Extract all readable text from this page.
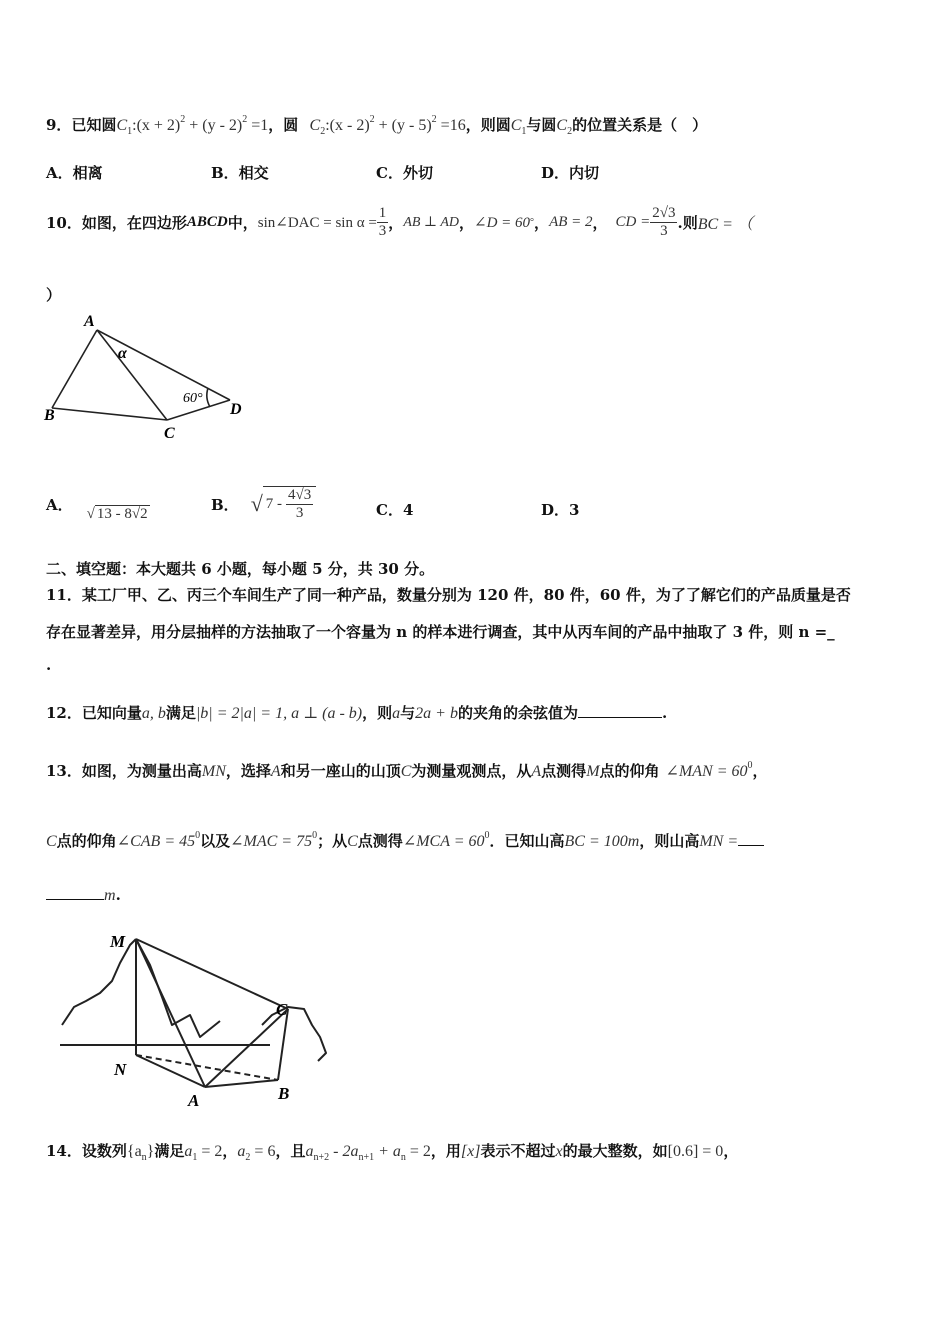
9．已知圆$C_1:(x + 2)^2 + (y - 2)^2 =1$，圆 $C_2:(x - 2)^2 + (y - 5)^2 =16$，则圆$C_1$与圆$C_2$的位置关系是（　）
A．相离	B．相交	C．外切	D．内切
10． 如图，在四边形 ABCD 中， sin∠DAC = $\sin \alpha = \frac{1}{3}$ ， AB ⊥ AD ， ∠D = 60 ° ， AB = 2 ， CD = $\frac{2√3}{3}$ .则 BC = （
）
A
B
C
D
α
60°
A． √ 13 - 8√2	B． √ $7 - \frac{4√3}{3}$	C．4	D．3
二、填空题：本大题共 6 小题，每小题 5 分，共 30 分。
11．某工厂甲、乙、丙三个车间生产了同一种产品，数量分别为 120 件，80 件，60 件，为了了解它们的产品质量是否
存在显著差异，用分层抽样的方法抽取了一个容量为 n 的样本进行调查，其中从丙车间的产品中抽取了 3 件，则 n =_
.
12．已知向量a, b满足|b| = 2|a| = 1, a ⊥ (a - b)，则a与2a + b的夹角的余弦值为	.
13．如图，为测量出高MN，选择A和另一座山的山顶C为测量观测点，从A点测得M点的仰角 ∠MAN = $60^0$，
C点的仰角∠CAB = $45^0$以及∠MAC = $75^0$；从C点测得∠MCA = $60^0$．已知山高BC = 100m，则山高MN =
m.
M
N
A	B
C
14．设数列$\{a_n\}$满足$a_1 = 2$，$a_2 = 6$，且$a_{n+2} - 2a_{n+1} + a_n = 2$，用[x]表示不超过x的最大整数，如[0.6] = 0，
